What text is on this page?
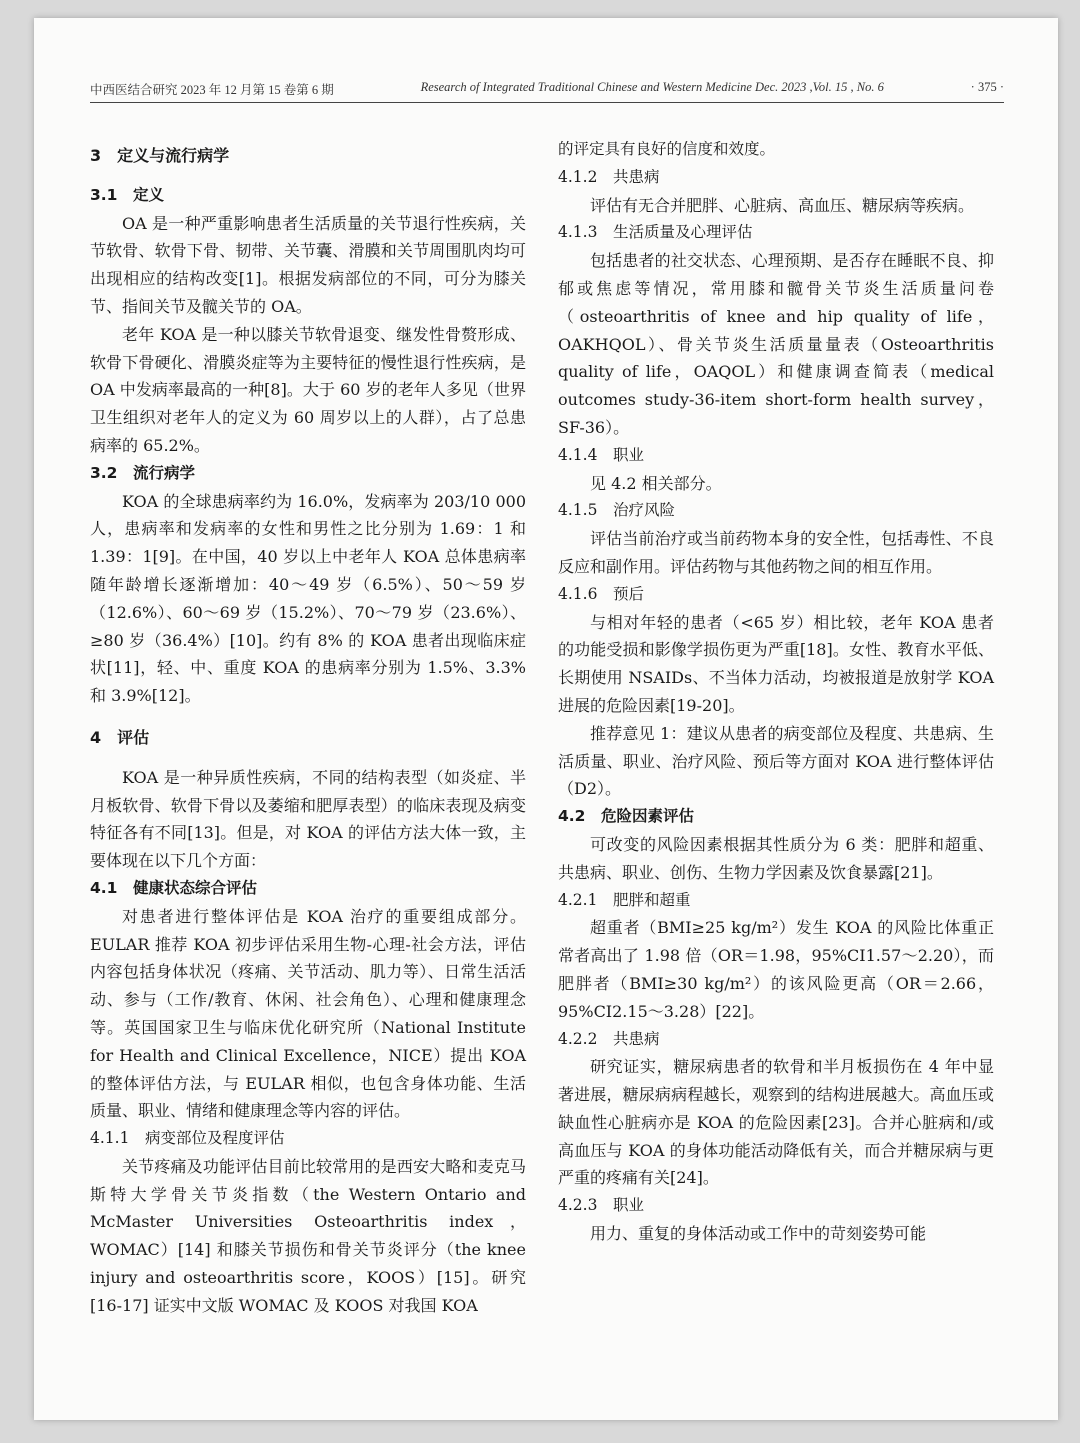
中西医结合研究 2023 年 12 月第 15 卷第 6 期	Research of Integrated Traditional Chinese and Western Medicine Dec. 2023 ,Vol. 15 , No. 6	· 375 ·
3　定义与流行病学
3.1　定义

OA 是一种严重影响患者生活质量的关节退行性疾病，关节软骨、软骨下骨、韧带、关节囊、滑膜和关节周围肌肉均可出现相应的结构改变[1]。根据发病部位的不同，可分为膝关节、指间关节及髋关节的 OA。

老年 KOA 是一种以膝关节软骨退变、继发性骨赘形成、软骨下骨硬化、滑膜炎症等为主要特征的慢性退行性疾病，是 OA 中发病率最高的一种[8]。大于 60 岁的老年人多见（世界卫生组织对老年人的定义为 60 周岁以上的人群），占了总患病率的 65.2%。

3.2　流行病学

KOA 的全球患病率约为 16.0%，发病率为 203/10 000 人，患病率和发病率的女性和男性之比分别为 1.69：1 和 1.39：1[9]。在中国，40 岁以上中老年人 KOA 总体患病率随年龄增长逐渐增加：40～49 岁（6.5%）、50～59 岁（12.6%）、60～69 岁（15.2%）、70～79 岁（23.6%）、≥80 岁（36.4%）[10]。约有 8% 的 KOA 患者出现临床症状[11]，轻、中、重度 KOA 的患病率分别为 1.5%、3.3% 和 3.9%[12]。

4　评估

KOA 是一种异质性疾病，不同的结构表型（如炎症、半月板软骨、软骨下骨以及萎缩和肥厚表型）的临床表现及病变特征各有不同[13]。但是，对 KOA 的评估方法大体一致，主要体现在以下几个方面：

4.1　健康状态综合评估

对患者进行整体评估是 KOA 治疗的重要组成部分。EULAR 推荐 KOA 初步评估采用生物-心理-社会方法，评估内容包括身体状况（疼痛、关节活动、肌力等）、日常生活活动、参与（工作/教育、休闲、社会角色）、心理和健康理念等。英国国家卫生与临床优化研究所（National Institute for Health and Clinical Excellence，NICE）提出 KOA 的整体评估方法，与 EULAR 相似，也包含身体功能、生活质量、职业、情绪和健康理念等内容的评估。

4.1.1　病变部位及程度评估

关节疼痛及功能评估目前比较常用的是西安大略和麦克马斯特大学骨关节炎指数（the Western Ontario and McMaster Universities Osteoarthritis index，WOMAC）[14] 和膝关节损伤和骨关节炎评分（the knee injury and osteoarthritis score，KOOS）[15]。研究[16-17] 证实中文版 WOMAC 及 KOOS 对我国 KOA

的评定具有良好的信度和效度。
4.1.2　共患病

评估有无合并肥胖、心脏病、高血压、糖尿病等疾病。

4.1.3　生活质量及心理评估

包括患者的社交状态、心理预期、是否存在睡眠不良、抑郁或焦虑等情况，常用膝和髋骨关节炎生活质量问卷（osteoarthritis of knee and hip quality of life，OAKHQOL）、骨关节炎生活质量量表（Osteoarthritis quality of life，OAQOL）和健康调查简表（medical outcomes study-36-item short-form health survey，SF-36）。

4.1.4　职业

见 4.2 相关部分。

4.1.5　治疗风险

评估当前治疗或当前药物本身的安全性，包括毒性、不良反应和副作用。评估药物与其他药物之间的相互作用。

4.1.6　预后

与相对年轻的患者（<65 岁）相比较，老年 KOA 患者的功能受损和影像学损伤更为严重[18]。女性、教育水平低、长期使用 NSAIDs、不当体力活动，均被报道是放射学 KOA 进展的危险因素[19-20]。

推荐意见 1：建议从患者的病变部位及程度、共患病、生活质量、职业、治疗风险、预后等方面对 KOA 进行整体评估（D2）。

4.2　危险因素评估

可改变的风险因素根据其性质分为 6 类：肥胖和超重、共患病、职业、创伤、生物力学因素及饮食暴露[21]。

4.2.1　肥胖和超重

超重者（BMI≥25 kg/m²）发生 KOA 的风险比体重正常者高出了 1.98 倍（OR＝1.98，95%CI1.57～2.20），而肥胖者（BMI≥30 kg/m²）的该风险更高（OR＝2.66，95%CI2.15～3.28）[22]。

4.2.2　共患病

研究证实，糖尿病患者的软骨和半月板损伤在 4 年中显著进展，糖尿病病程越长，观察到的结构进展越大。高血压或缺血性心脏病亦是 KOA 的危险因素[23]。合并心脏病和/或高血压与 KOA 的身体功能活动降低有关，而合并糖尿病与更严重的疼痛有关[24]。

4.2.3　职业

用力、重复的身体活动或工作中的苛刻姿势可能
